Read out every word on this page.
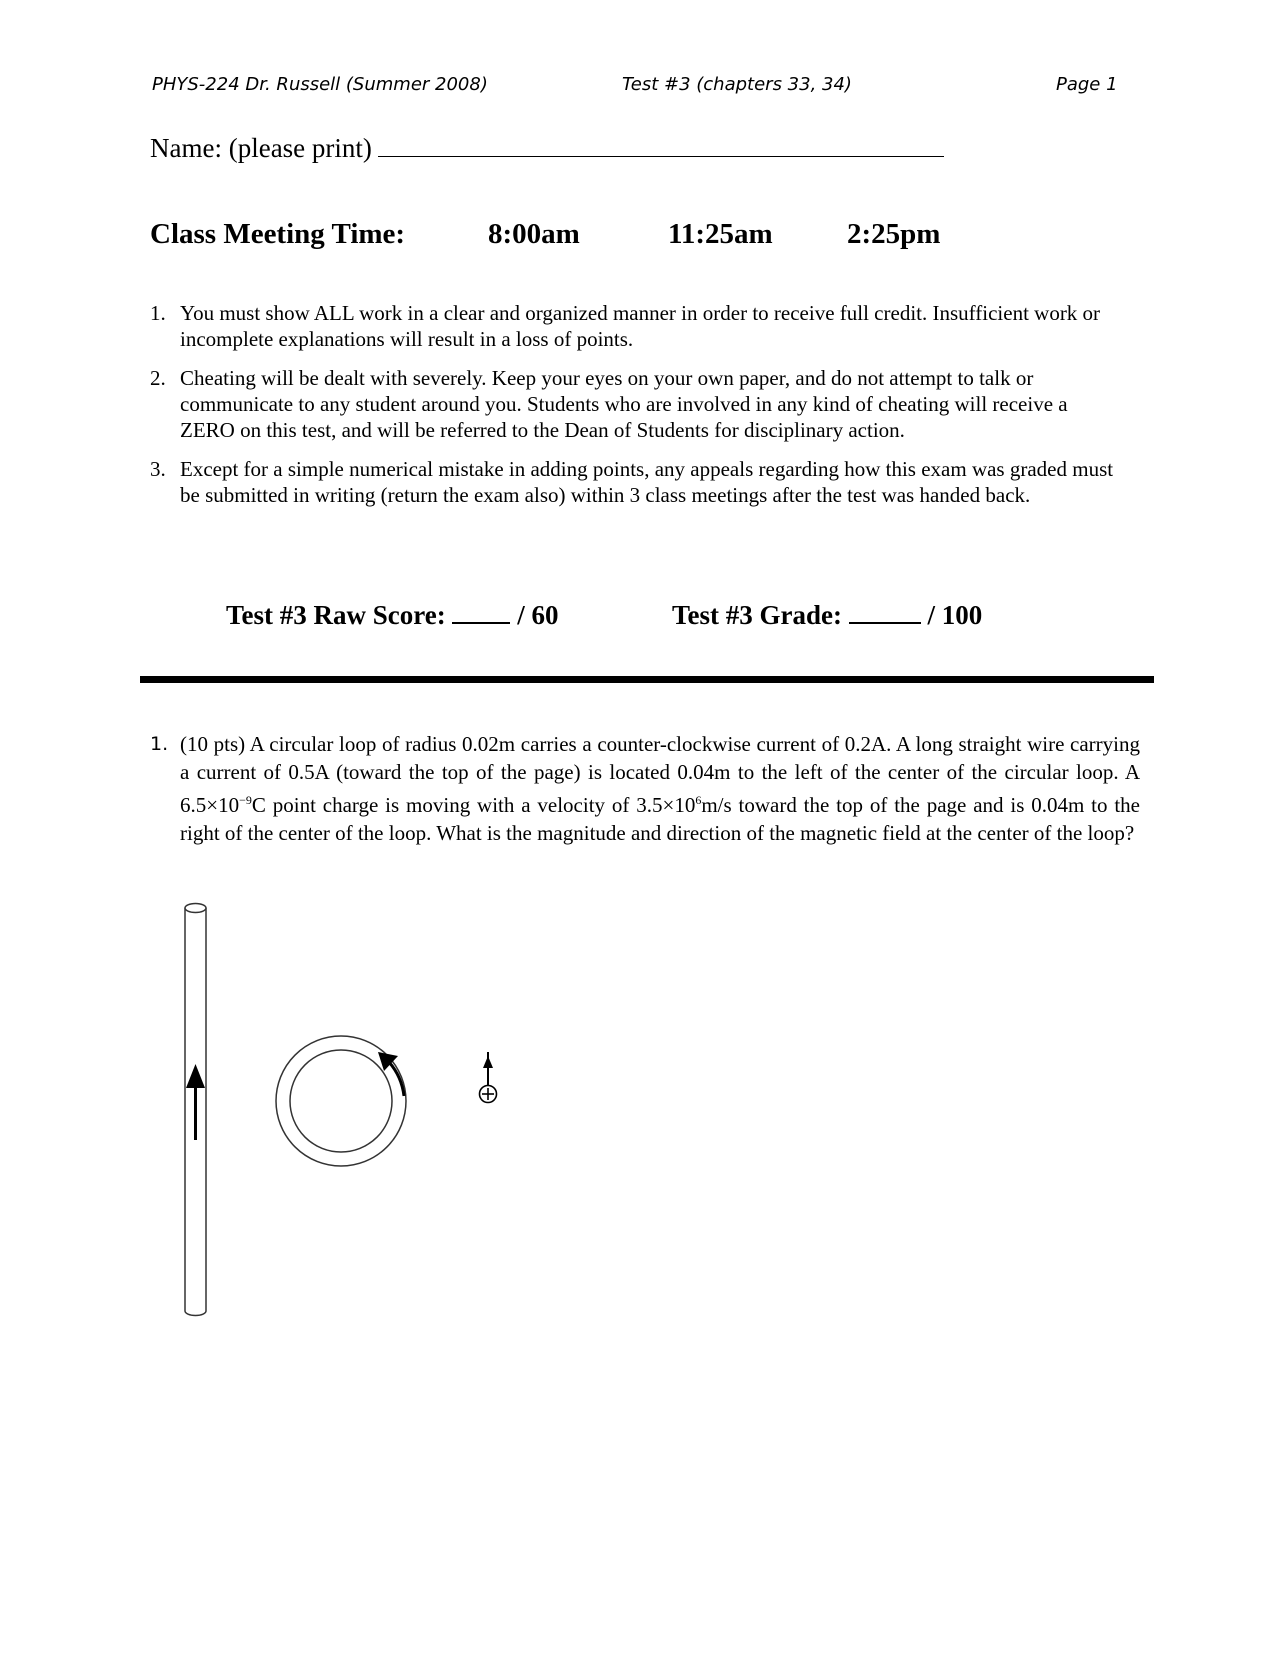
PHYS-224 Dr. Russell (Summer 2008)	Test #3 (chapters 33, 34)	Page 1
Name: (please print)
Class Meeting Time:	8:00am	11:25am	2:25pm
1. You must show ALL work in a clear and organized manner in order to receive full credit. Insufficient work or incomplete explanations will result in a loss of points.
2. Cheating will be dealt with severely. Keep your eyes on your own paper, and do not attempt to talk or communicate to any student around you. Students who are involved in any kind of cheating will receive a ZERO on this test, and will be referred to the Dean of Students for disciplinary action.
3. Except for a simple numerical mistake in adding points, any appeals regarding how this exam was graded must be submitted in writing (return the exam also) within 3 class meetings after the test was handed back.
Test #3 Raw Score:	/ 60	Test #3 Grade:	/ 100
1. (10 pts) A circular loop of radius 0.02m carries a counter-clockwise current of 0.2A. A long straight wire carrying a current of 0.5A (toward the top of the page) is located 0.04m to the left of the center of the circular loop. A $6.5\times 10^{-9}C$ point charge is moving with a velocity of $3.5\times 10^6m/s$ toward the top of the page and is 0.04m to the right of the center of the loop. What is the magnitude and direction of the magnetic field at the center of the loop?
